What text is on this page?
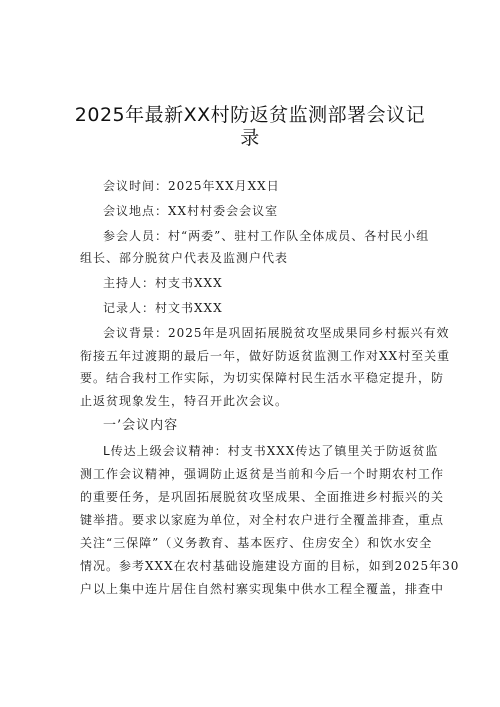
2025年最新XX村防返贫监测部署会议记
录
会议时间：2025年XX月XX日
会议地点：XX村村委会会议室
参会人员：村“两委”、驻村工作队全体成员、各村民小组
组长、部分脱贫户代表及监测户代表
主持人：村支书XXX
记录人：村文书XXX
会议背景：2025年是巩固拓展脱贫攻坚成果同乡村振兴有效
衔接五年过渡期的最后一年，做好防返贫监测工作对XX村至关重
要。结合我村工作实际，为切实保障村民生活水平稳定提升，防
止返贫现象发生，特召开此次会议。
一’会议内容
L传达上级会议精神：村支书XXX传达了镇里关于防返贫监
测工作会议精神，强调防止返贫是当前和今后一个时期农村工作
的重要任务，是巩固拓展脱贫攻坚成果、全面推进乡村振兴的关
键举措。要求以家庭为单位，对全村农户进行全覆盖排查，重点
关注“三保障”（义务教育、基本医疗、住房安全）和饮水安全
情况。参考XXX在农村基础设施建设方面的目标，如到2025年30
户以上集中连片居住自然村寨实现集中供水工程全覆盖，排查中
